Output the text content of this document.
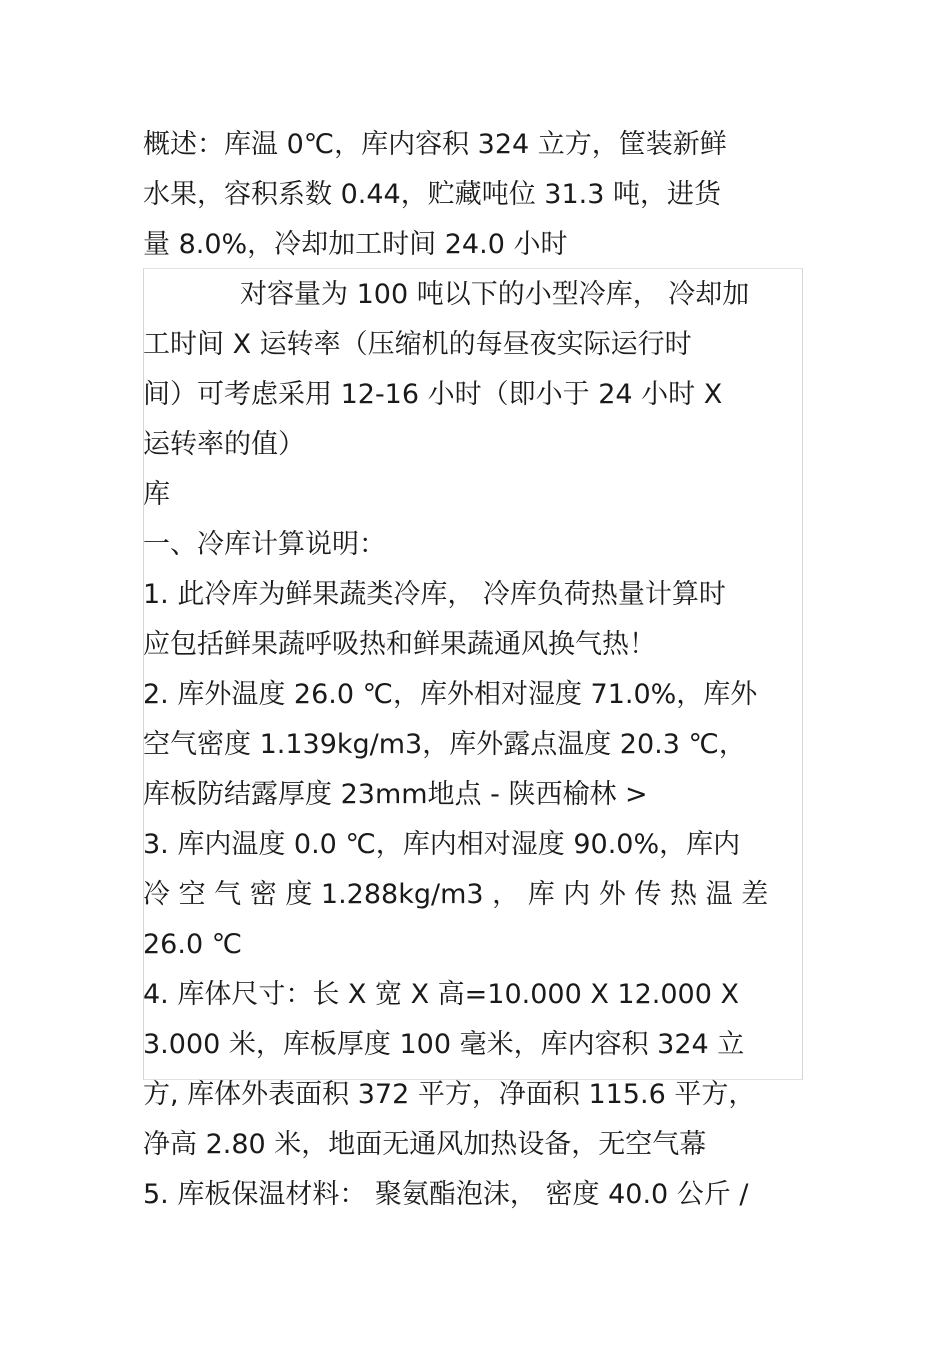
概述：库温 0℃，库内容积 324 立方，筐装新鲜
水果，容积系数 0.44，贮藏吨位 31.3 吨，进货
量 8.0%，冷却加工时间 24.0 小时
对容量为 100 吨以下的小型冷库， 冷却加
工时间 X 运转率（压缩机的每昼夜实际运行时
间）可考虑采用 12-16 小时（即小于 24 小时 X
运转率的值）
库
一、冷库计算说明：
1. 此冷库为鲜果蔬类冷库， 冷库负荷热量计算时
应包括鲜果蔬呼吸热和鲜果蔬通风换气热！
2. 库外温度 26.0 ℃，库外相对湿度 71.0%，库外
空气密度 1.139kg/m3，库外露点温度 20.3 ℃，
库板防结露厚度 23mm地点 - 陕西榆林 >
3. 库内温度 0.0 ℃，库内相对湿度 90.0%，库内
冷 空 气 密 度 1.288kg/m3 ， 库 内 外 传 热 温 差
26.0 ℃
4. 库体尺寸：长 X 宽 X 高=10.000 X 12.000 X
3.000 米，库板厚度 100 毫米，库内容积 324 立
方, 库体外表面积 372 平方，净面积 115.6 平方，
净高 2.80 米，地面无通风加热设备，无空气幕
5. 库板保温材料： 聚氨酯泡沫， 密度 40.0 公斤 /
